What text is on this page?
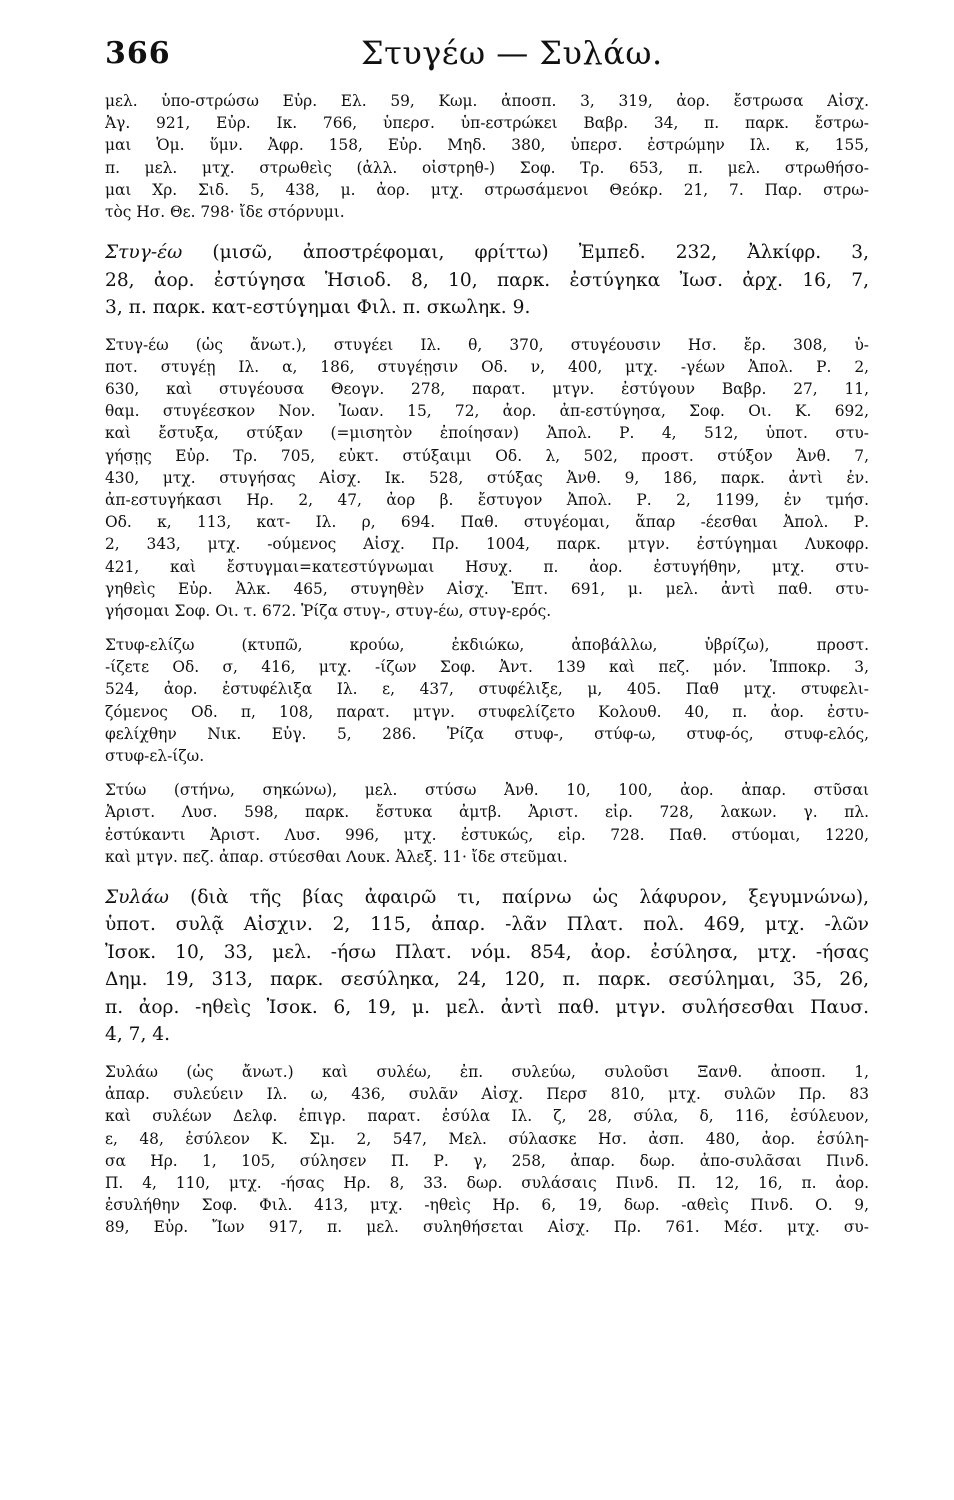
366	Στυγέω — Συλάω.
μελ. ὑπο-στρώσω Εὐρ. Ελ. 59, Κωμ. ἀποσπ. 3, 319, ἀορ. ἔστρωσα Αἰσχ.
Ἀγ. 921, Εὐρ. Ικ. 766, ὑπερσ. ὑπ-εστρώκει Βαβρ. 34, π. παρκ. ἔστρω-
μαι Ὁμ. ὕμν. Ἀφρ. 158, Εὐρ. Μηδ. 380, ὑπερσ. ἐστρώμην Ιλ. κ, 155,
π. μελ. μτχ. στρωθεὶς (ἀλλ. οἰστρηθ-) Σοφ. Τρ. 653, π. μελ. στρωθήσο-
μαι Χρ. Σιδ. 5, 438, μ. ἀορ. μτχ. στρωσάμενοι Θεόκρ. 21, 7. Παρ. στρω-
τὸς Ησ. Θε. 798· ἴδε στόρνυμι.
Στυγ-έω (μισῶ, ἀποστρέφομαι, φρίττω) Ἐμπεδ. 232, Ἀλκίφρ. 3,
28, ἀορ. ἐστύγησα Ἡσιοδ. 8, 10, παρκ. ἐστύγηκα Ἰωσ. ἀρχ. 16, 7,
3, π. παρκ. κατ-εστύγημαι Φιλ. π. σκωληκ. 9.
Στυγ-έω (ὡς ἄνωτ.), στυγέει Ιλ. θ, 370, στυγέουσιν Ησ. ἔρ. 308, ὑ-
ποτ. στυγέῃ Ιλ. α, 186, στυγέῃσιν Οδ. ν, 400, μτχ. -γέων Ἀπολ. Ρ. 2,
630, καὶ στυγέουσα Θεογν. 278, παρατ. μτγν. ἐστύγουν Βαβρ. 27, 11,
θαμ. στυγέεσκον Νον. Ἰωαν. 15, 72, ἀορ. ἀπ-εστύγησα, Σοφ. Οι. Κ. 692,
καὶ ἔστυξα, στύξαν (=μισητὸν ἐποίησαν) Ἀπολ. Ρ. 4, 512, ὑποτ. στυ-
γήσῃς Εὐρ. Τρ. 705, εὐκτ. στύξαιμι Οδ. λ, 502, προστ. στύξον Ἀνθ. 7,
430, μτχ. στυγήσας Αἰσχ. Ικ. 528, στύξας Ἀνθ. 9, 186, παρκ. ἀντὶ ἐν.
ἀπ-εστυγήκασι Ηρ. 2, 47, ἀορ β. ἔστυγον Ἀπολ. Ρ. 2, 1199, ἐν τμήσ.
Οδ. κ, 113, κατ- Ιλ. ρ, 694. Παθ. στυγέομαι, ἅπαρ -έεσθαι Ἀπολ. Ρ.
2, 343, μτχ. -ούμενος Αἰσχ. Πρ. 1004, παρκ. μτγν. ἐστύγημαι Λυκοφρ.
421, καὶ ἔστυγμαι=κατεστύγνωμαι Ησυχ. π. ἀορ. ἐστυγήθην, μτχ. στυ-
γηθεὶς Εὐρ. Ἀλκ. 465, στυγηθὲν Αἰσχ. Ἐπτ. 691, μ. μελ. ἀντὶ παθ. στυ-
γήσομαι Σοφ. Οι. τ. 672. Ῥίζα στυγ-, στυγ-έω, στυγ-ερός.
Στυφ-ελίζω (κτυπῶ, κρούω, ἐκδιώκω, ἀποβάλλω, ὑβρίζω), προστ.
-ίζετε Οδ. σ, 416, μτχ. -ίζων Σοφ. Ἀντ. 139 καὶ πεζ. μόν. Ἱπποκρ. 3,
524, ἀορ. ἐστυφέλιξα Ιλ. ε, 437, στυφέλιξε, μ, 405. Παθ μτχ. στυφελι-
ζόμενος Οδ. π, 108, παρατ. μτγν. στυφελίζετο Κολουθ. 40, π. ἀορ. ἐστυ-
φελίχθην Νικ. Εὐγ. 5, 286. Ῥίζα στυφ-, στύφ-ω, στυφ-ός, στυφ-ελός,
στυφ-ελ-ίζω.
Στύω (στήνω, σηκώνω), μελ. στύσω Ἀνθ. 10, 100, ἀορ. ἀπαρ. στῦσαι
Ἀριστ. Λυσ. 598, παρκ. ἔστυκα ἀμτβ. Ἀριστ. εἰρ. 728, λακων. γ. πλ.
ἐστύκαντι Ἀριστ. Λυσ. 996, μτχ. ἐστυκώς, εἰρ. 728. Παθ. στύομαι, 1220,
καὶ μτγν. πεζ. ἀπαρ. στύεσθαι Λουκ. Ἀλεξ. 11· ἴδε στεῦμαι.
Συλάω (διὰ τῆς βίας ἀφαιρῶ τι, παίρνω ὡς λάφυρον, ξεγυμνώνω),
ὑποτ. συλᾷ Αἰσχιν. 2, 115, ἀπαρ. -λᾶν Πλατ. πολ. 469, μτχ. -λῶν
Ἰσοκ. 10, 33, μελ. -ήσω Πλατ. νόμ. 854, ἀορ. ἐσύλησα, μτχ. -ήσας
Δημ. 19, 313, παρκ. σεσύληκα, 24, 120, π. παρκ. σεσύλημαι, 35, 26,
π. ἀορ. -ηθεὶς Ἰσοκ. 6, 19, μ. μελ. ἀντὶ παθ. μτγν. συλήσεσθαι Παυσ.
4, 7, 4.
Συλάω (ὡς ἄνωτ.) καὶ συλέω, ἐπ. συλεύω, συλοῦσι Ξανθ. ἀποσπ. 1,
ἀπαρ. συλεύειν Ιλ. ω, 436, συλᾶν Αἰσχ. Περσ 810, μτχ. συλῶν Πρ. 83
καὶ συλέων Δελφ. ἐπιγρ. παρατ. ἐσύλα Ιλ. ζ, 28, σύλα, δ, 116, ἐσύλευον,
ε, 48, ἐσύλεον Κ. Σμ. 2, 547, Μελ. σύλασκε Ησ. ἀσπ. 480, ἀορ. ἐσύλη-
σα Ηρ. 1, 105, σύλησεν Π. Ρ. γ, 258, ἀπαρ. δωρ. ἀπο-συλᾶσαι Πινδ.
Π. 4, 110, μτχ. -ήσας Ηρ. 8, 33. δωρ. συλάσαις Πινδ. Π. 12, 16, π. ἀορ.
ἐσυλήθην Σοφ. Φιλ. 413, μτχ. -ηθεὶς Ηρ. 6, 19, δωρ. -αθεὶς Πινδ. Ο. 9,
89, Εὐρ. Ἴων 917, π. μελ. συληθήσεται Αἰσχ. Πρ. 761. Μέσ. μτχ. συ-
